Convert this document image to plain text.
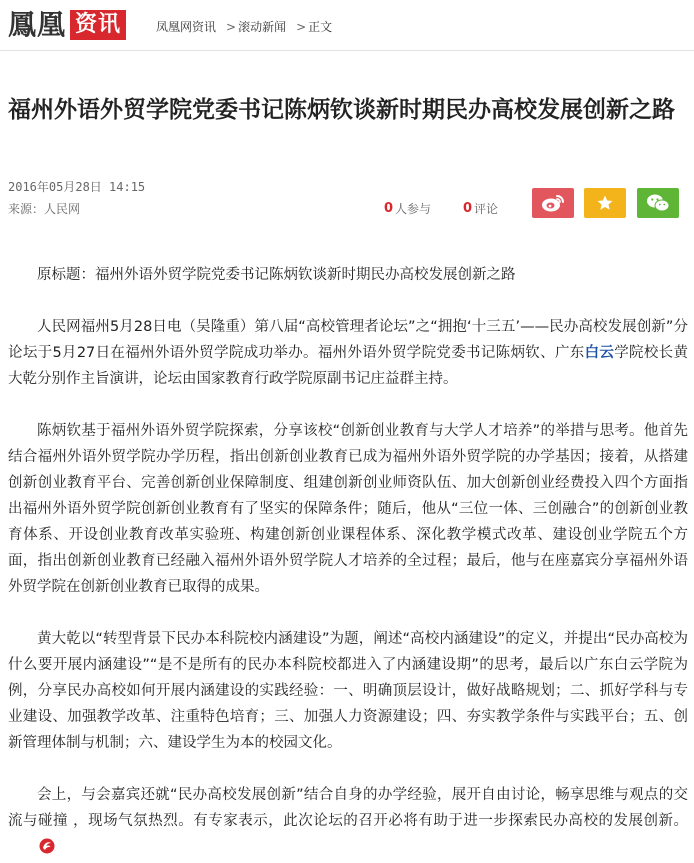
鳳凰 资讯	凤凰网资讯 > 滚动新闻 > 正文
福州外语外贸学院党委书记陈炳钦谈新时期民办高校发展创新之路
2016年05月28日 14:15
来源：人民网	0 人参与 0 评论

原标题：福州外语外贸学院党委书记陈炳钦谈新时期民办高校发展创新之路

人民网福州5月28日电（吴隆重）第八届“高校管理者论坛”之“拥抱‘十三五’——民办高校发展创新”分论坛于5月27日在福州外语外贸学院成功举办。福州外语外贸学院党委书记陈炳钦、广东白云学院校长黄大乾分别作主旨演讲，论坛由国家教育行政学院原副书记庄益群主持。

陈炳钦基于福州外语外贸学院探索，分享该校“创新创业教育与大学人才培养”的举措与思考。他首先结合福州外语外贸学院办学历程，指出创新创业教育已成为福州外语外贸学院的办学基因；接着，从搭建创新创业教育平台、完善创新创业保障制度、组建创新创业师资队伍、加大创新创业经费投入四个方面指出福州外语外贸学院创新创业教育有了坚实的保障条件；随后，他从“三位一体、三创融合”的创新创业教育体系、开设创业教育改革实验班、构建创新创业课程体系、深化教学模式改革、建设创业学院五个方面，指出创新创业教育已经融入福州外语外贸学院人才培养的全过程；最后，他与在座嘉宾分享福州外语外贸学院在创新创业教育已取得的成果。

黄大乾以“转型背景下民办本科院校内涵建设”为题，阐述“高校内涵建设”的定义，并提出“民办高校为什么要开展内涵建设”“是不是所有的民办本科院校都进入了内涵建设期”的思考，最后以广东白云学院为例，分享民办高校如何开展内涵建设的实践经验：一、明确顶层设计，做好战略规划；二、抓好学科与专业建设、加强教学改革、注重特色培育；三、加强人力资源建设；四、夯实教学条件与实践平台；五、创新管理体制与机制；六、建设学生为本的校园文化。

会上，与会嘉宾还就“民办高校发展创新”结合自身的办学经验，展开自由讨论，畅享思维与观点的交流与碰撞 ，现场气氛热烈。有专家表示，此次论坛的召开必将有助于进一步探索民办高校的发展创新。
